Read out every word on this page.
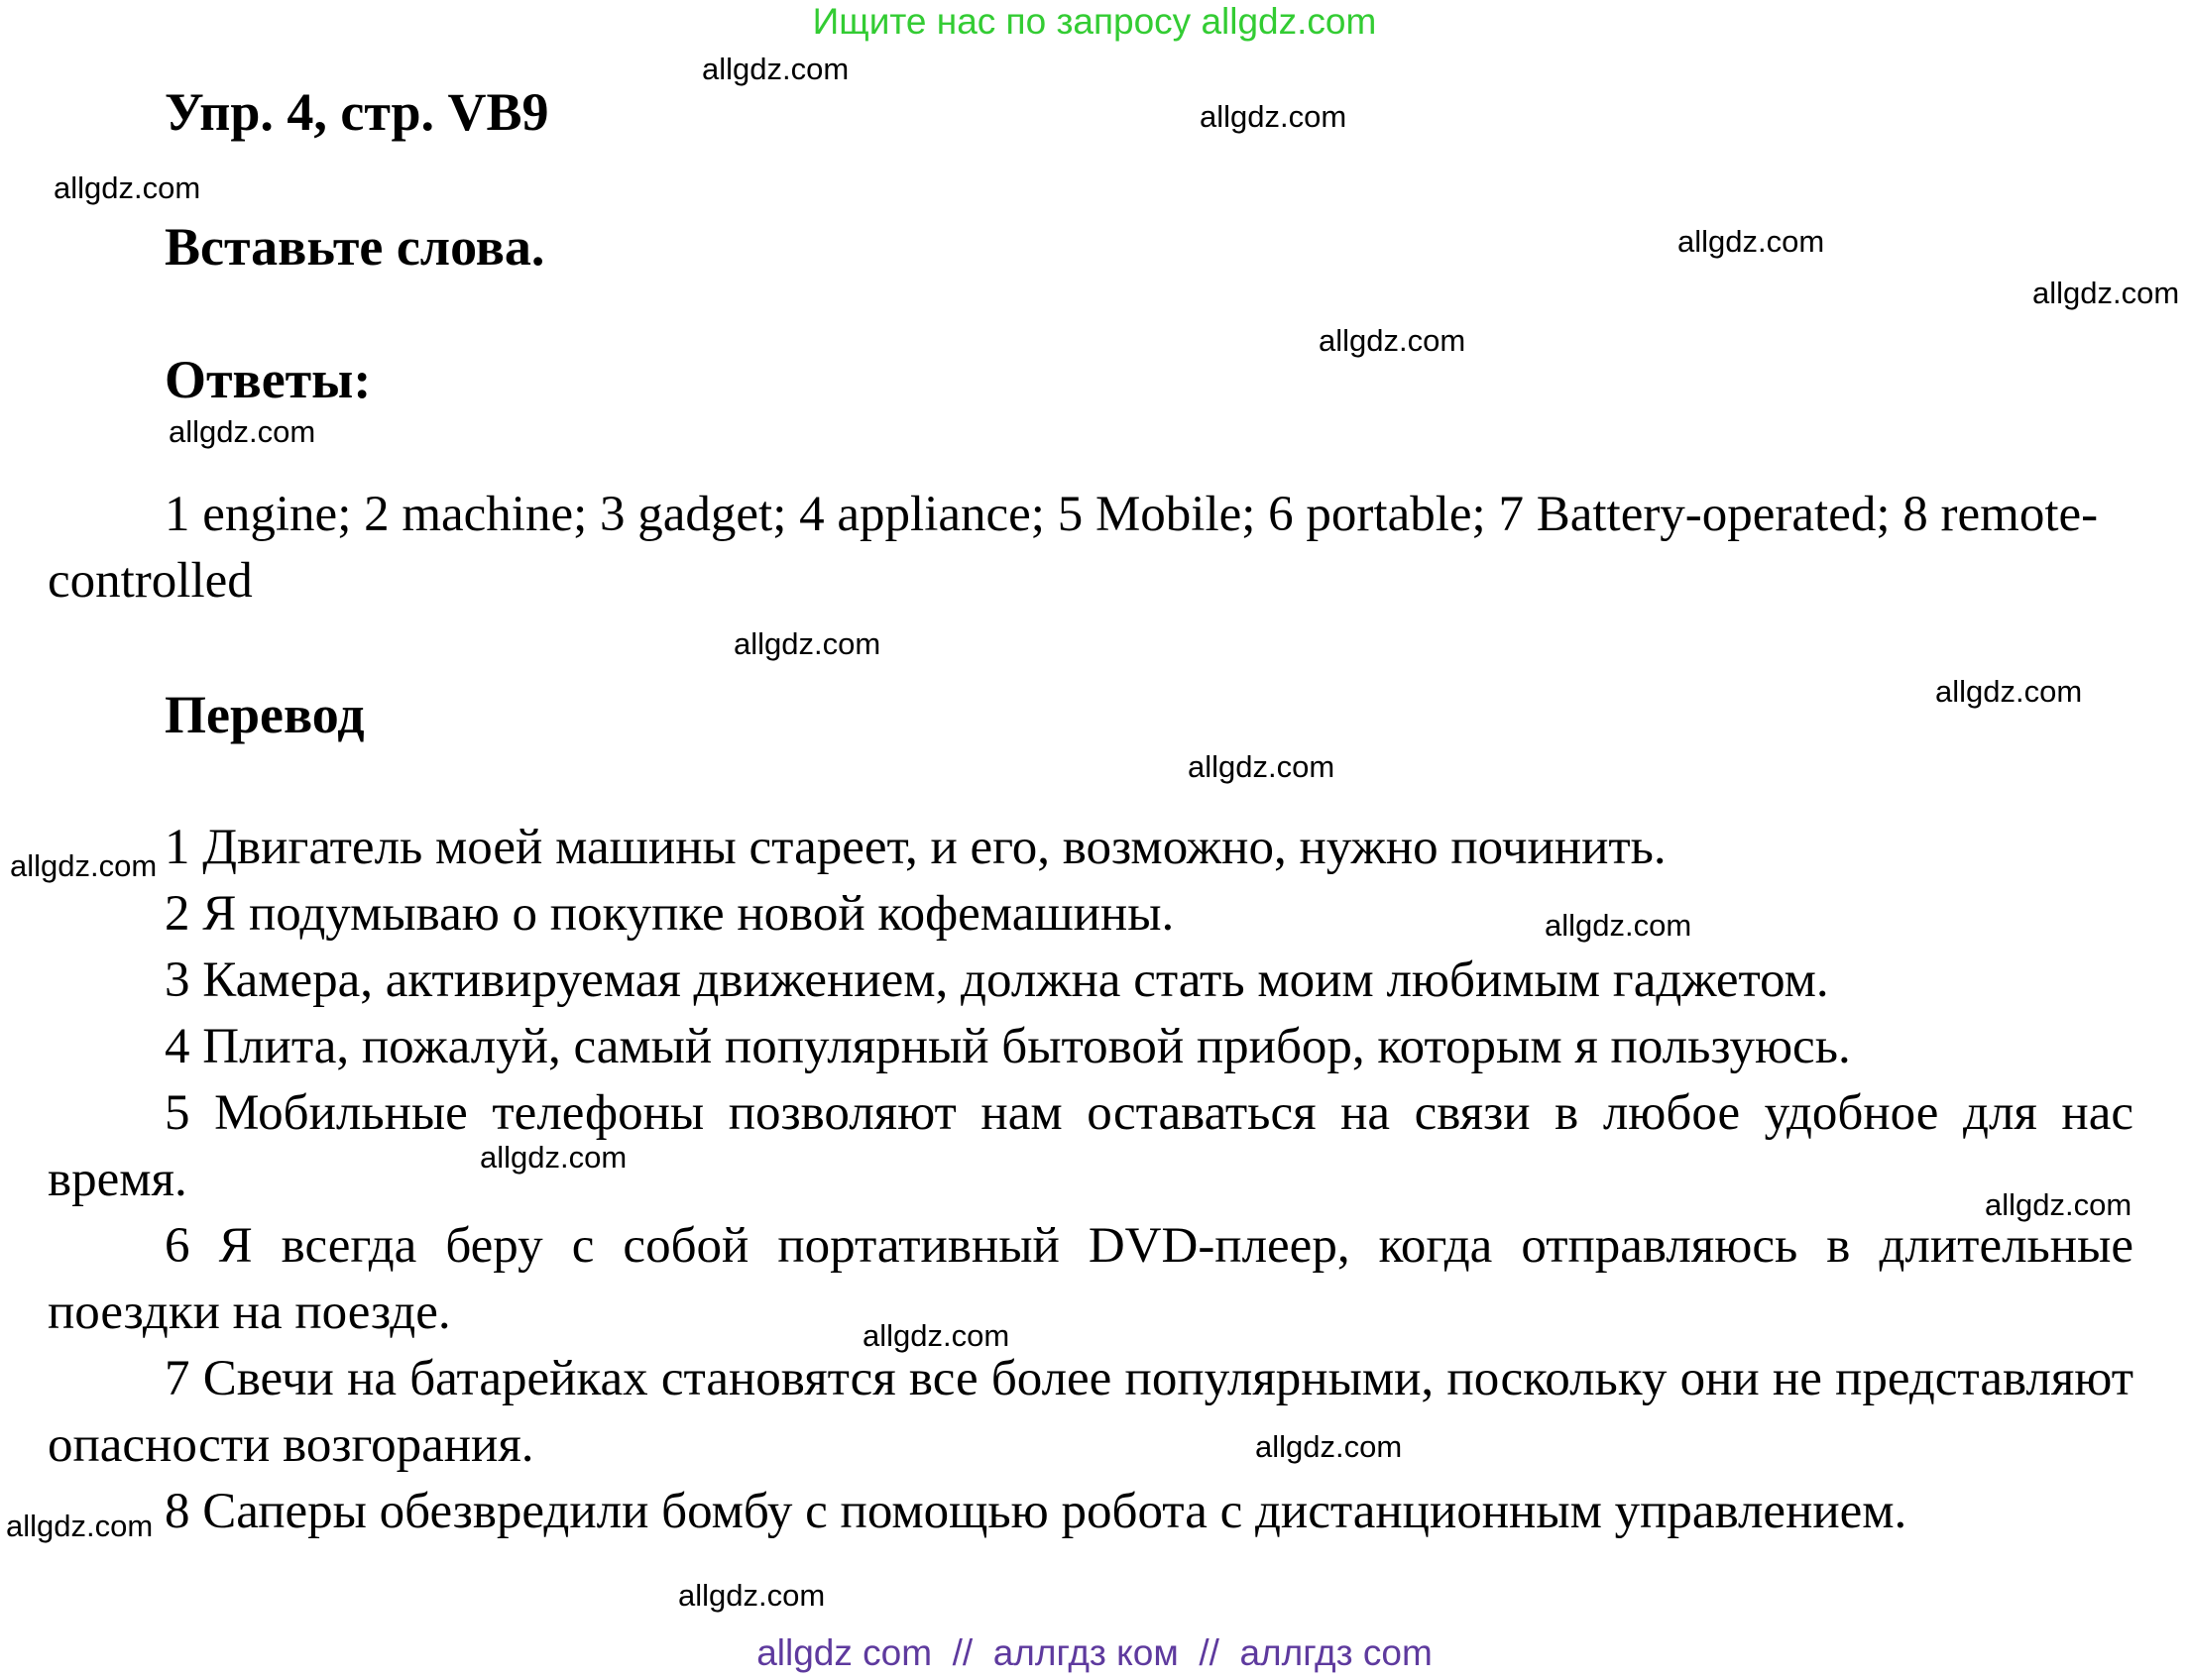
Ищите нас по запросу allgdz.com
Упр. 4, стр. VB9
Вставьте слова.
Ответы:

1 engine; 2 machine; 3 gadget; 4 appliance; 5 Mobile; 6 portable; 7 Battery-operated; 8 remote-controlled

Перевод

1 Двигатель моей машины стареет, и его, возможно, нужно починить.

2 Я подумываю о покупке новой кофемашины.

3 Камера, активируемая движением, должна стать моим любимым гаджетом.

4 Плита, пожалуй, самый популярный бытовой прибор, которым я пользуюсь.

5 Мобильные телефоны позволяют нам оставаться на связи в любое удобное для нас время.

6 Я всегда беру с собой портативный DVD-плеер, когда отправляюсь в длительные поездки на поезде.

7 Свечи на батарейках становятся все более популярными, поскольку они не представляют опасности возгорания.

8 Саперы обезвредили бомбу с помощью робота с дистанционным управлением.

allgdz.com
allgdz.com
allgdz.com
allgdz.com
allgdz.com
allgdz.com
allgdz.com
allgdz.com
allgdz.com
allgdz.com
allgdz.com
allgdz.com
allgdz.com
allgdz.com
allgdz.com
allgdz.com
allgdz.com
allgdz.com
allgdz com  //  аллгдз ком  //  аллгдз com
